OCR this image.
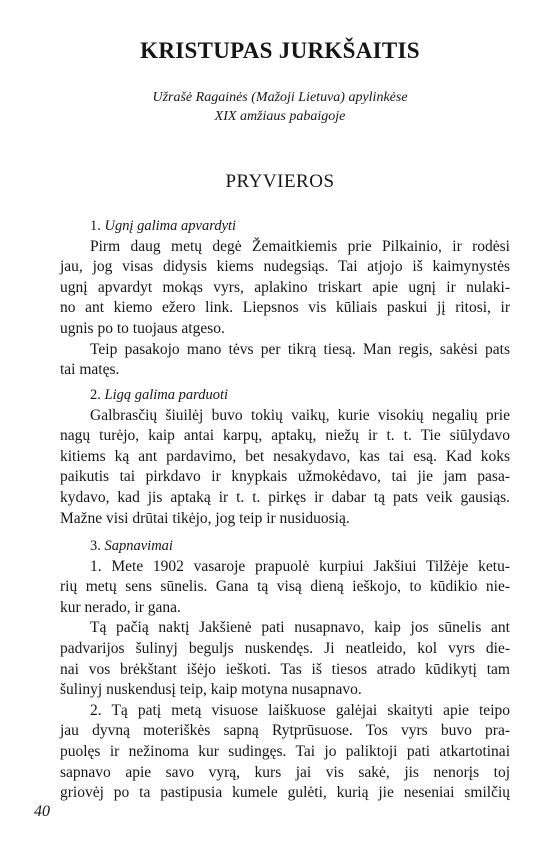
KRISTUPAS JURKŠAITIS
Užrašė Ragainės (Mažoji Lietuva) apylinkėse
XIX amžiaus pabaigoje
PRYVIEROS
1. Ugnį galima apvardyti
Pirm daug metų degė Žemaitkiemis prie Pilkainio, ir rodėsi
jau, jog visas didysis kiems nudegsiąs. Tai atjojo iš kaimynystės
ugnį apvardyt mokąs vyrs, aplakino triskart apie ugnį ir nulaki-
no ant kiemo ežero link. Liepsnos vis kūliais paskui jį ritosi, ir
ugnis po to tuojaus atgeso.
Teip pasakojo mano tėvs per tikrą tiesą. Man regis, sakėsi pats
tai matęs.
2. Ligą galima parduoti
Galbrasčių šiuilėj buvo tokių vaikų, kurie visokių negalių prie
nagų turėjo, kaip antai karpų, aptakų, niežų ir t. t. Tie siūlydavo
kitiems ką ant pardavimo, bet nesakydavo, kas tai esą. Kad koks
paikutis tai pirkdavo ir knypkais užmokėdavo, tai jie jam pasa-
kydavo, kad jis aptaką ir t. t. pirkęs ir dabar tą pats veik gausiąs.
Mažne visi drūtai tikėjo, jog teip ir nusiduosią.
3. Sapnavimai
1. Mete 1902 vasaroje prapuolė kurpiui Jakšiui Tilžėje ketu-
rių metų sens sūnelis. Gana tą visą dieną ieškojo, to kūdikio nie-
kur nerado, ir gana.
Tą pačią naktį Jakšienė pati nusapnavo, kaip jos sūnelis ant
padvarijos šulinyj beguljs nuskendęs. Ji neatleido, kol vyrs die-
nai vos brėkštant išėjo ieškoti. Tas iš tiesos atrado kūdikytį tam
šulinyj nuskendusį teip, kaip motyna nusapnavo.
2. Tą patį metą visuose laiškuose galėjai skaityti apie teipo
jau dyvną moteriškės sapną Rytprūsuose. Tos vyrs buvo pra-
puolęs ir nežinoma kur sudingęs. Tai jo paliktoji pati atkartotinai
sapnavo apie savo vyrą, kurs jai vis sakė, jis nenorįs toj
griovėj po ta pastipusia kumele gulėti, kurią jie neseniai smilčių
40
